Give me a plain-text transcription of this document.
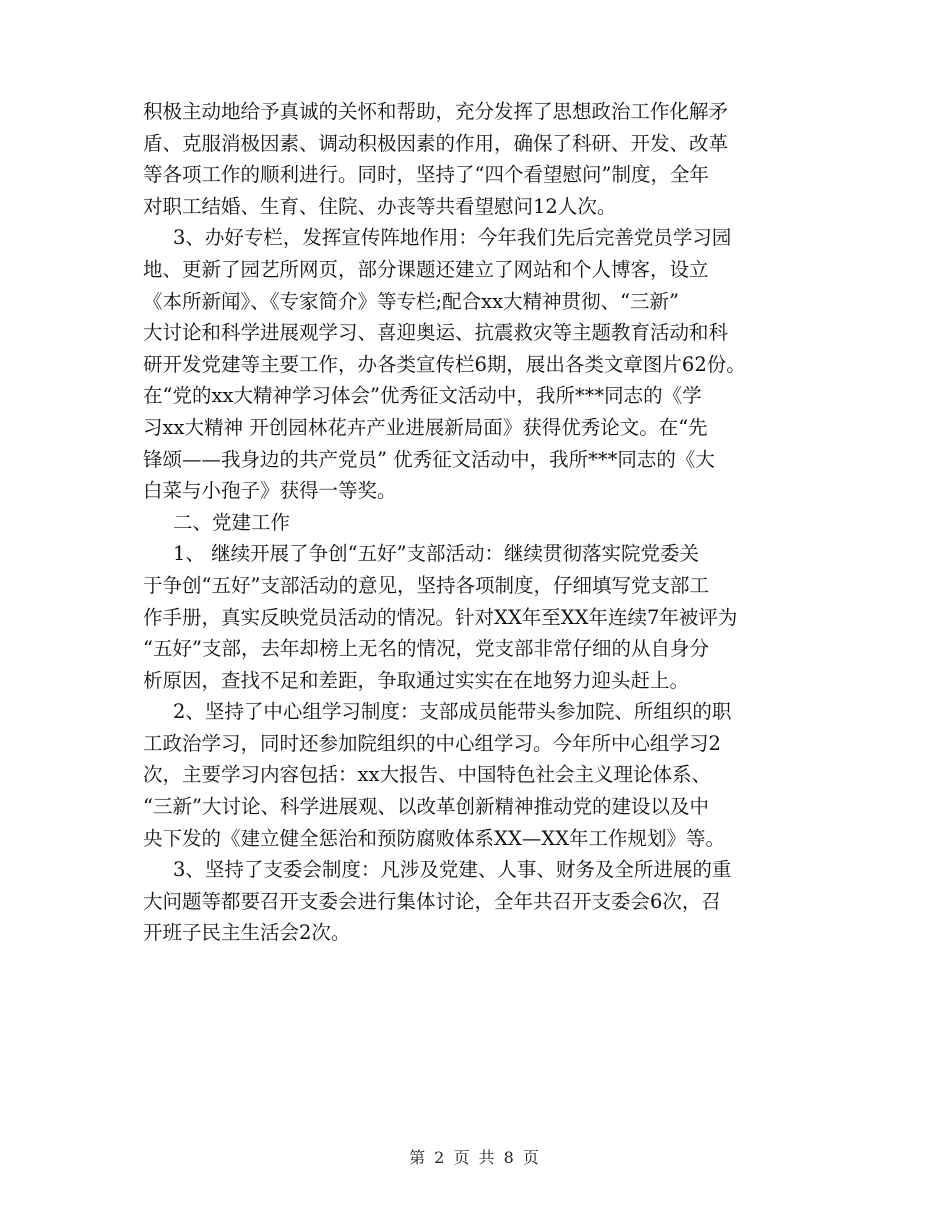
积极主动地给予真诚的关怀和帮助，充分发挥了思想政治工作化解矛
盾、克服消极因素、调动积极因素的作用，确保了科研、开发、改革
等各项工作的顺利进行。同时，坚持了“四个看望慰问”制度，全年
对职工结婚、生育、住院、办丧等共看望慰问12人次。
3、办好专栏，发挥宣传阵地作用：今年我们先后完善党员学习园
地、更新了园艺所网页，部分课题还建立了网站和个人博客，设立
《本所新闻》、《专家简介》等专栏;配合xx大精神贯彻、“三新”
大讨论和科学进展观学习、喜迎奥运、抗震救灾等主题教育活动和科
研开发党建等主要工作，办各类宣传栏6期，展出各类文章图片62份。
在“党的xx大精神学习体会”优秀征文活动中，我所***同志的《学
习xx大精神 开创园林花卉产业进展新局面》获得优秀论文。在“先
锋颂——我身边的共产党员” 优秀征文活动中，我所***同志的《大
白菜与小孢子》获得一等奖。
二、党建工作
1、 继续开展了争创“五好”支部活动：继续贯彻落实院党委关
于争创“五好”支部活动的意见，坚持各项制度，仔细填写党支部工
作手册，真实反映党员活动的情况。针对XX年至XX年连续7年被评为
“五好”支部，去年却榜上无名的情况，党支部非常仔细的从自身分
析原因，查找不足和差距，争取通过实实在在地努力迎头赶上。
2、坚持了中心组学习制度：支部成员能带头参加院、所组织的职
工政治学习，同时还参加院组织的中心组学习。今年所中心组学习2
次，主要学习内容包括：xx大报告、中国特色社会主义理论体系、
“三新”大讨论、科学进展观、以改革创新精神推动党的建设以及中
央下发的《建立健全惩治和预防腐败体系XX—XX年工作规划》等。
3、坚持了支委会制度：凡涉及党建、人事、财务及全所进展的重
大问题等都要召开支委会进行集体讨论，全年共召开支委会6次，召
开班子民主生活会2次。
第 2 页 共 8 页
